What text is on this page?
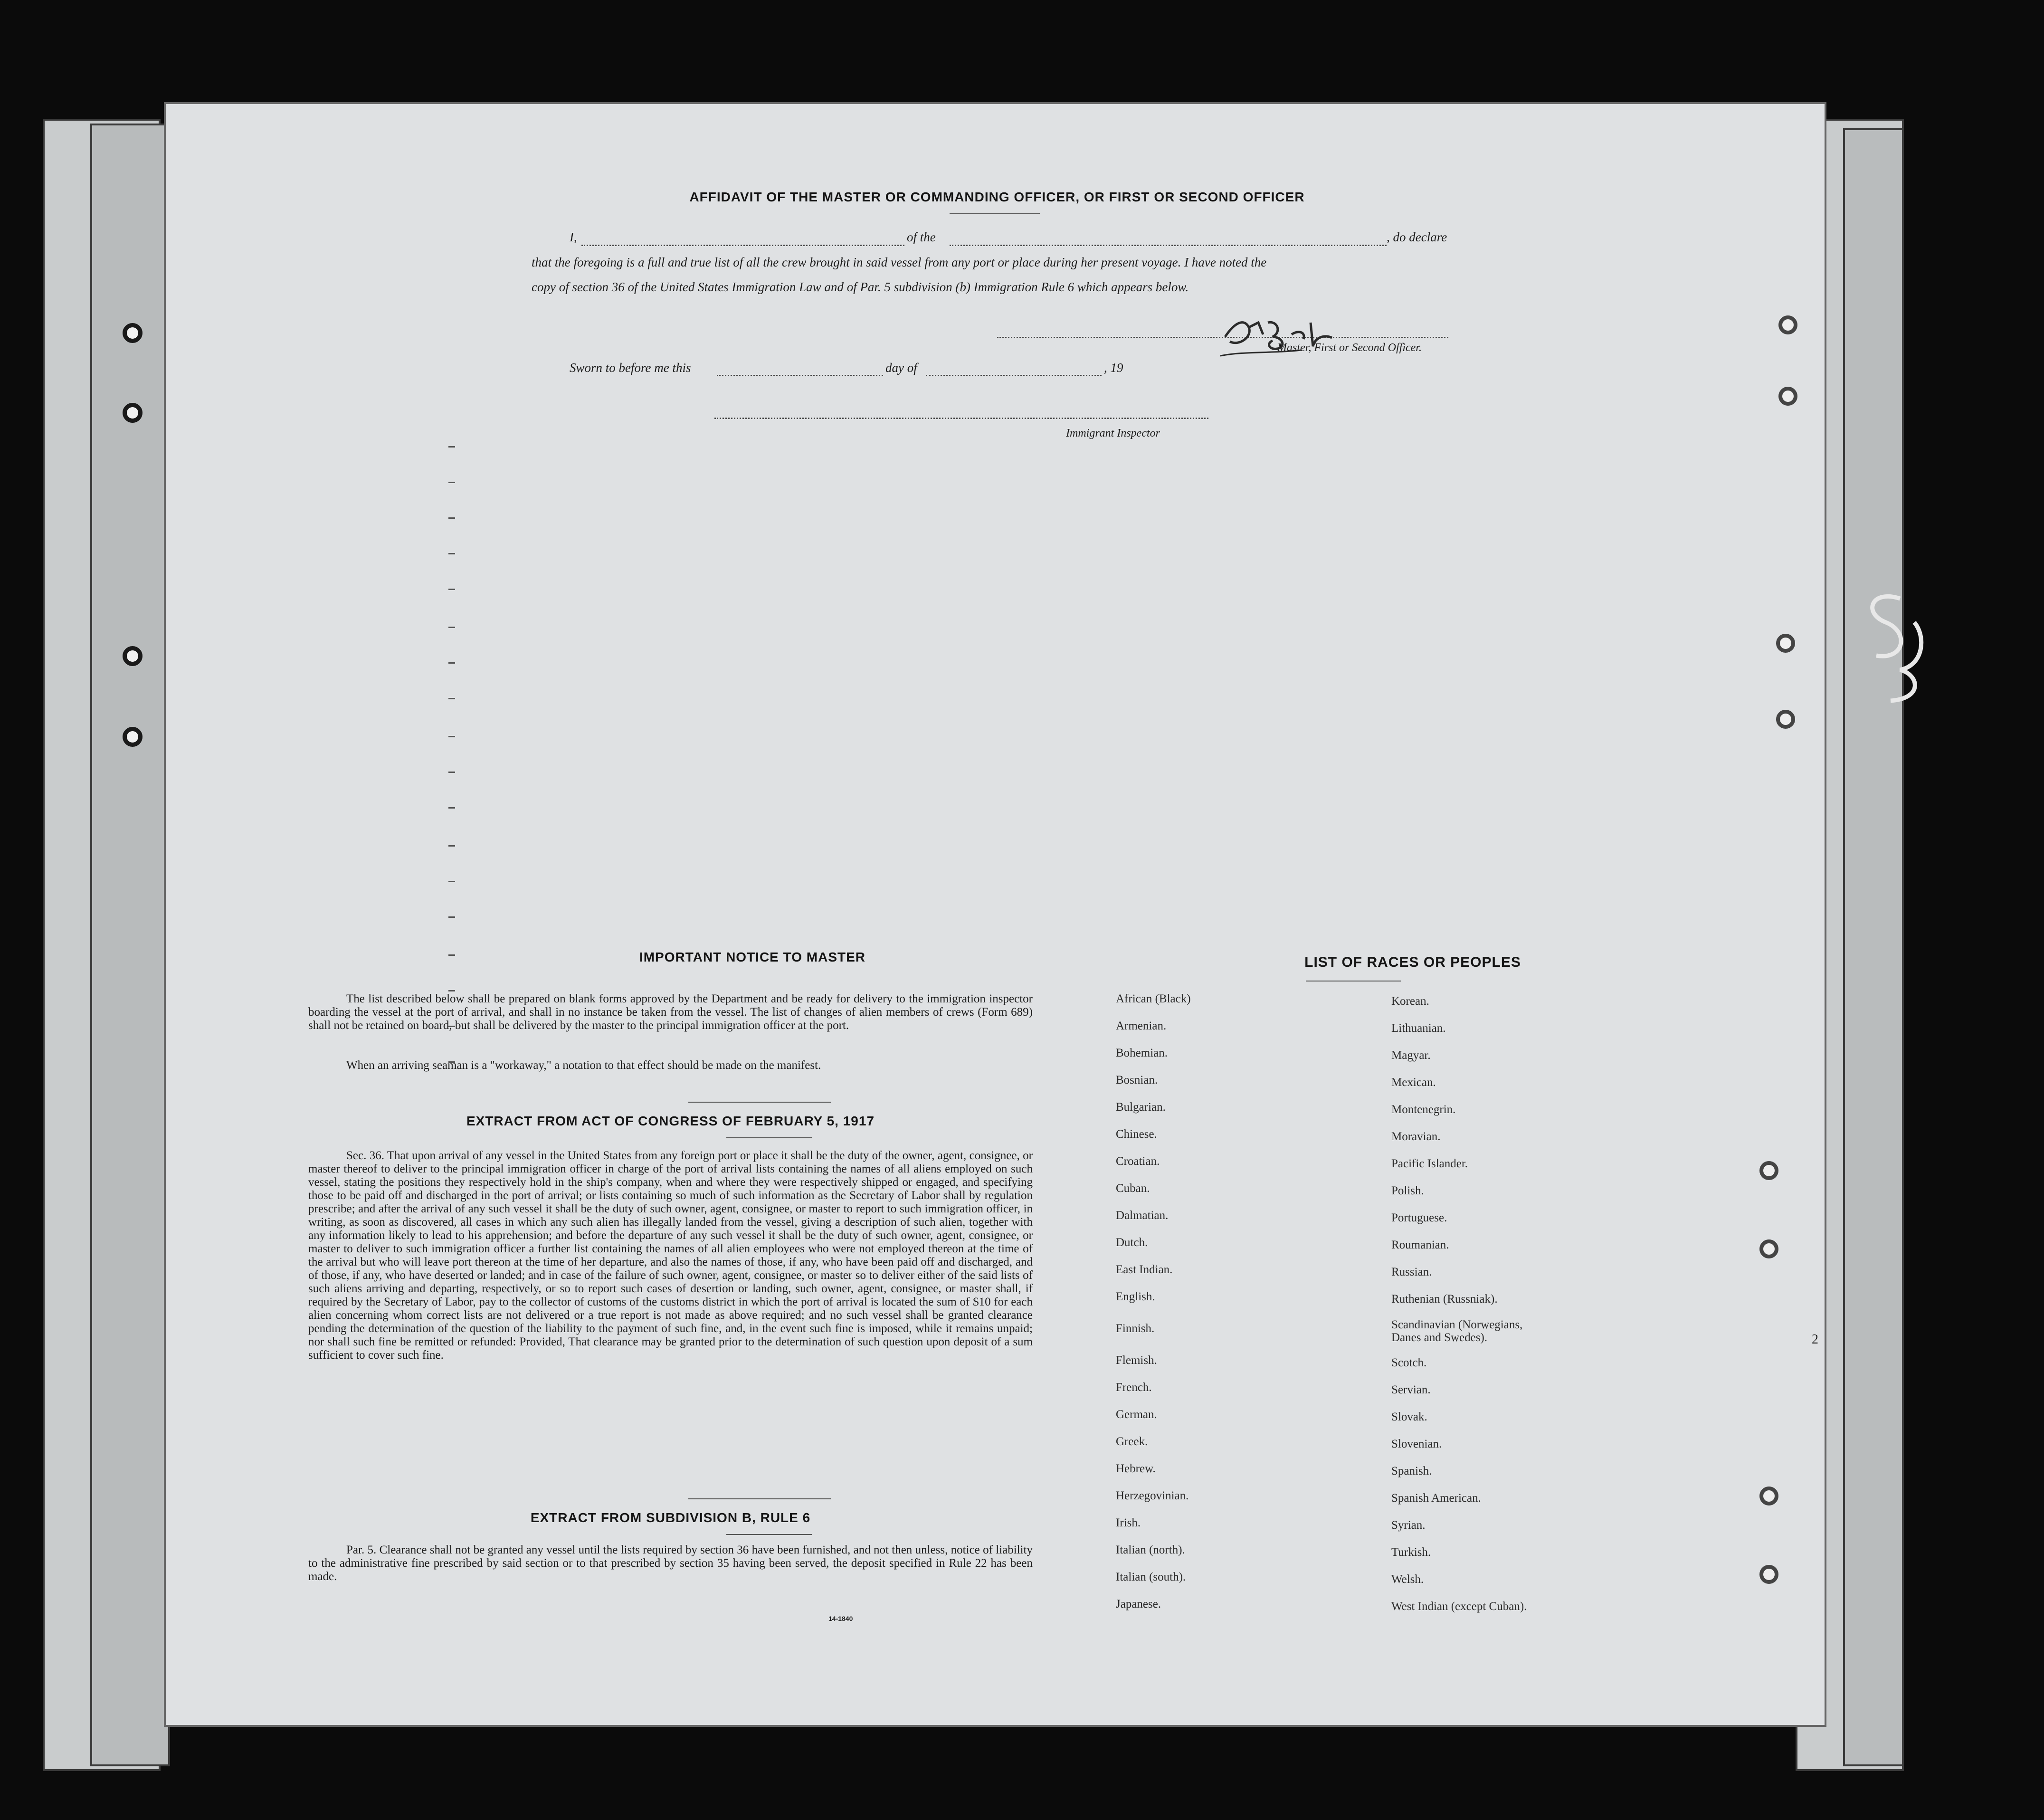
AFFIDAVIT OF THE MASTER OR COMMANDING OFFICER, OR FIRST OR SECOND OFFICER
I,	of the	, do declare
that the foregoing is a full and true list of all the crew brought in said vessel from any port or place during her present voyage. I have noted the
copy of section 36 of the United States Immigration Law and of Par. 5 subdivision (b) Immigration Rule 6 which appears below.
Master, First or Second Officer.
Sworn to before me this	day of	, 19
Immigrant Inspector
IMPORTANT NOTICE TO MASTER
The list described below shall be prepared on blank forms approved by the Department and be ready for delivery to the immigration inspector boarding the vessel at the port of arrival, and shall in no instance be taken from the vessel. The list of changes of alien members of crews (Form 689) shall not be retained on board, but shall be delivered by the master to the principal immigration officer at the port.
When an arriving seaman is a "workaway," a notation to that effect should be made on the manifest.
EXTRACT FROM ACT OF CONGRESS OF FEBRUARY 5, 1917
Sec. 36. That upon arrival of any vessel in the United States from any foreign port or place it shall be the duty of the owner, agent, consignee, or master thereof to deliver to the principal immigration officer in charge of the port of arrival lists containing the names of all aliens employed on such vessel, stating the positions they respectively hold in the ship's company, when and where they were respectively shipped or engaged, and specifying those to be paid off and discharged in the port of arrival; or lists containing so much of such information as the Secretary of Labor shall by regulation prescribe; and after the arrival of any such vessel it shall be the duty of such owner, agent, consignee, or master to report to such immigration officer, in writing, as soon as discovered, all cases in which any such alien has illegally landed from the vessel, giving a description of such alien, together with any information likely to lead to his apprehension; and before the departure of any such vessel it shall be the duty of such owner, agent, consignee, or master to deliver to such immigration officer a further list containing the names of all alien employees who were not employed thereon at the time of the arrival but who will leave port thereon at the time of her departure, and also the names of those, if any, who have been paid off and discharged, and of those, if any, who have deserted or landed; and in case of the failure of such owner, agent, consignee, or master so to deliver either of the said lists of such aliens arriving and departing, respectively, or so to report such cases of desertion or landing, such owner, agent, consignee, or master shall, if required by the Secretary of Labor, pay to the collector of customs of the customs district in which the port of arrival is located the sum of $10 for each alien concerning whom correct lists are not delivered or a true report is not made as above required; and no such vessel shall be granted clearance pending the determination of the question of the liability to the payment of such fine, and, in the event such fine is imposed, while it remains unpaid; nor shall such fine be remitted or refunded: Provided, That clearance may be granted prior to the determination of such question upon deposit of a sum sufficient to cover such fine.
EXTRACT FROM SUBDIVISION B, RULE 6
Par. 5. Clearance shall not be granted any vessel until the lists required by section 36 have been furnished, and not then unless, notice of liability to the administrative fine prescribed by said section or to that prescribed by section 35 having been served, the deposit specified in Rule 22 has been made.
14-1840
LIST OF RACES OR PEOPLES
African (Black)
Armenian.
Bohemian.
Bosnian.
Bulgarian.
Chinese.
Croatian.
Cuban.
Dalmatian.
Dutch.
East Indian.
English.
Finnish.
Flemish.
French.
German.
Greek.
Hebrew.
Herzegovinian.
Irish.
Italian (north).
Italian (south).
Japanese.
Korean.
Lithuanian.
Magyar.
Mexican.
Montenegrin.
Moravian.
Pacific Islander.
Polish.
Portuguese.
Roumanian.
Russian.
Ruthenian (Russniak).
Scandinavian (Norwegians, Danes and Swedes).
Scotch.
Servian.
Slovak.
Slovenian.
Spanish.
Spanish American.
Syrian.
Turkish.
Welsh.
West Indian (except Cuban).
2
